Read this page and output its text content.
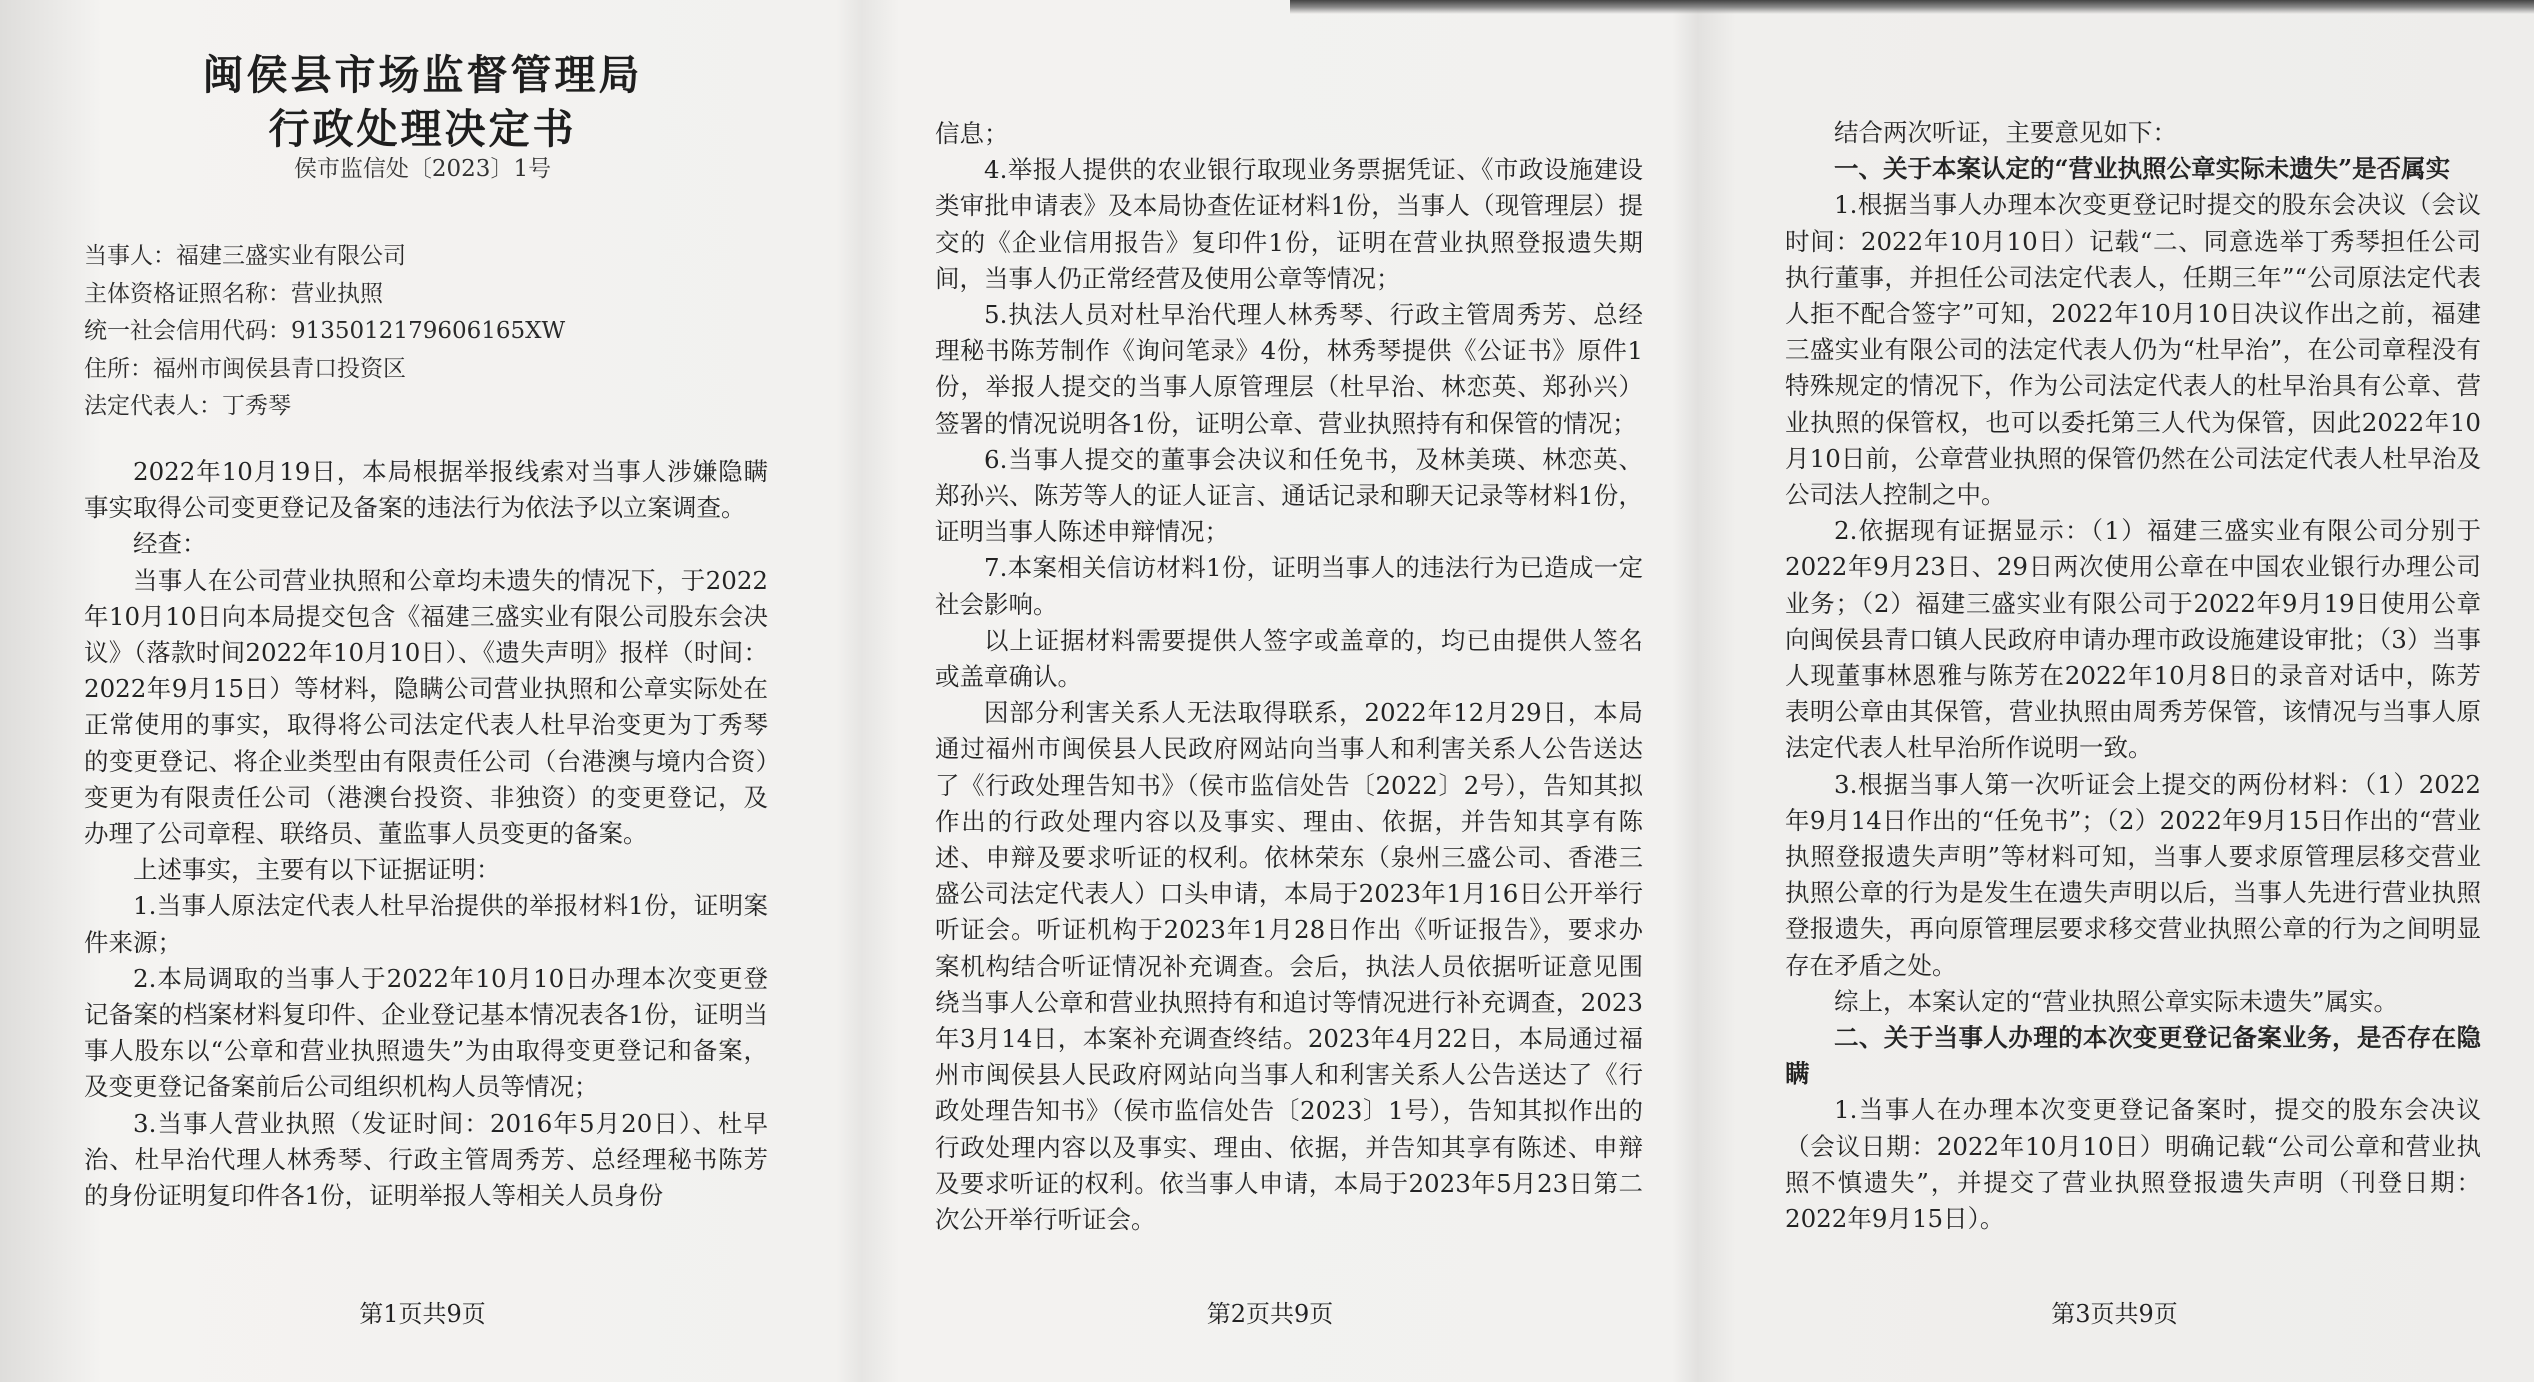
闽侯县市场监督管理局
行政处理决定书
侯市监信处〔2023〕1号
当事人：福建三盛实业有限公司
主体资格证照名称：营业执照
统一社会信用代码：9135012179606165XW
住所：福州市闽侯县青口投资区
法定代表人：丁秀琴

2022年10月19日，本局根据举报线索对当事人涉嫌隐瞒事实取得公司变更登记及备案的违法行为依法予以立案调查。

经查：

当事人在公司营业执照和公章均未遗失的情况下，于2022年10月10日向本局提交包含《福建三盛实业有限公司股东会决议》（落款时间2022年10月10日）、《遗失声明》报样（时间：2022年9月15日）等材料，隐瞒公司营业执照和公章实际处在正常使用的事实，取得将公司法定代表人杜早治变更为丁秀琴的变更登记、将企业类型由有限责任公司（台港澳与境内合资）变更为有限责任公司（港澳台投资、非独资）的变更登记，及办理了公司章程、联络员、董监事人员变更的备案。

上述事实，主要有以下证据证明：

1.当事人原法定代表人杜早治提供的举报材料1份，证明案件来源；

2.本局调取的当事人于2022年10月10日办理本次变更登记备案的档案材料复印件、企业登记基本情况表各1份，证明当事人股东以“公章和营业执照遗失”为由取得变更登记和备案，及变更登记备案前后公司组织机构人员等情况；

3.当事人营业执照（发证时间：2016年5月20日）、杜早治、杜早治代理人林秀琴、行政主管周秀芳、总经理秘书陈芳的身份证明复印件各1份，证明举报人等相关人员身份

第1页共9页

信息；

4.举报人提供的农业银行取现业务票据凭证、《市政设施建设类审批申请表》及本局协查佐证材料1份，当事人（现管理层）提交的《企业信用报告》复印件1份，证明在营业执照登报遗失期间，当事人仍正常经营及使用公章等情况；

5.执法人员对杜早治代理人林秀琴、行政主管周秀芳、总经理秘书陈芳制作《询问笔录》4份，林秀琴提供《公证书》原件1份，举报人提交的当事人原管理层（杜早治、林恋英、郑孙兴）签署的情况说明各1份，证明公章、营业执照持有和保管的情况；

6.当事人提交的董事会决议和任免书，及林美瑛、林恋英、郑孙兴、陈芳等人的证人证言、通话记录和聊天记录等材料1份，证明当事人陈述申辩情况；

7.本案相关信访材料1份，证明当事人的违法行为已造成一定社会影响。

以上证据材料需要提供人签字或盖章的，均已由提供人签名或盖章确认。

因部分利害关系人无法取得联系，2022年12月29日，本局通过福州市闽侯县人民政府网站向当事人和利害关系人公告送达了《行政处理告知书》（侯市监信处告〔2022〕2号），告知其拟作出的行政处理内容以及事实、理由、依据，并告知其享有陈述、申辩及要求听证的权利。依林荣东（泉州三盛公司、香港三盛公司法定代表人）口头申请，本局于2023年1月16日公开举行听证会。听证机构于2023年1月28日作出《听证报告》，要求办案机构结合听证情况补充调查。会后，执法人员依据听证意见围绕当事人公章和营业执照持有和追讨等情况进行补充调查，2023年3月14日，本案补充调查终结。2023年4月22日，本局通过福州市闽侯县人民政府网站向当事人和利害关系人公告送达了《行政处理告知书》（侯市监信处告〔2023〕1号），告知其拟作出的行政处理内容以及事实、理由、依据，并告知其享有陈述、申辩及要求听证的权利。依当事人申请，本局于2023年5月23日第二次公开举行听证会。

第2页共9页

结合两次听证，主要意见如下：

一、关于本案认定的“营业执照公章实际未遗失”是否属实

1.根据当事人办理本次变更登记时提交的股东会决议（会议时间：2022年10月10日）记载“二、同意选举丁秀琴担任公司执行董事，并担任公司法定代表人，任期三年”“公司原法定代表人拒不配合签字”可知，2022年10月10日决议作出之前，福建三盛实业有限公司的法定代表人仍为“杜早治”，在公司章程没有特殊规定的情况下，作为公司法定代表人的杜早治具有公章、营业执照的保管权，也可以委托第三人代为保管，因此2022年10月10日前，公章营业执照的保管仍然在公司法定代表人杜早治及公司法人控制之中。

2.依据现有证据显示：（1）福建三盛实业有限公司分别于2022年9月23日、29日两次使用公章在中国农业银行办理公司业务；（2）福建三盛实业有限公司于2022年9月19日使用公章向闽侯县青口镇人民政府申请办理市政设施建设审批；（3）当事人现董事林恩雅与陈芳在2022年10月8日的录音对话中，陈芳表明公章由其保管，营业执照由周秀芳保管，该情况与当事人原法定代表人杜早治所作说明一致。

3.根据当事人第一次听证会上提交的两份材料：（1）2022年9月14日作出的“任免书”；（2）2022年9月15日作出的“营业执照登报遗失声明”等材料可知，当事人要求原管理层移交营业执照公章的行为是发生在遗失声明以后，当事人先进行营业执照登报遗失，再向原管理层要求移交营业执照公章的行为之间明显存在矛盾之处。

综上，本案认定的“营业执照公章实际未遗失”属实。

二、关于当事人办理的本次变更登记备案业务，是否存在隐瞒

1.当事人在办理本次变更登记备案时，提交的股东会决议（会议日期：2022年10月10日）明确记载“公司公章和营业执照不慎遗失”，并提交了营业执照登报遗失声明（刊登日期：2022年9月15日）。

第3页共9页
